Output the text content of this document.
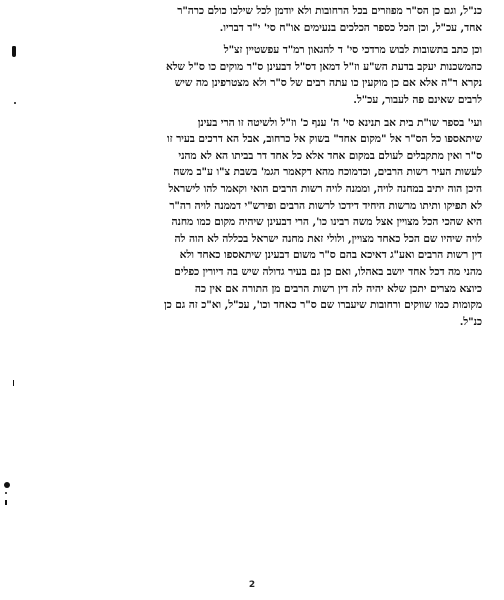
כנ"ל, וגם כן הס"ר מפוזרים בכל הרחובות ולא יודמן לכל שילכו כולם כרה"ר
אחד, עכ"ל, וכן הכל כספר הכלכים בנעימים או"ח סי' י"ד דבריו.
וכן כתב בתשובות לבוש מרדכי סי' ד להגאון רמ"ד עפשטיין זצ"ל
כהמשכנות יעקב בדעת הש"ע וז"ל דמאן דס"ל דבעינן ס"ר מוקים כו ס"ל שלא
נקרא ר"ה אלא אם כן מוקעין כו עתה רבים של ס"ר ולא מצטרפינן מה שיש
לרבים שאינם פה לעבור, עכ"ל.
ועי' בספר שו"ת בית אב תנינא סי' ה' ענף כ' וז"ל ולשיטה זו הרי בעינן
שיתאספו כל הס"ר אל "מקום אחד" בשוק אל כרחוב, אבל הא דרכים בעיר זו
ס"ר ואין מתקבלים לעולם במקום אחד אלא כל אחד דר בביתו הא לא מהני
לעשות העיר רשות הרבים, וכדמוכח מהא דקאמר הגמ' בשבת צ"ו ע"ב משה
היכן הוה יתיב במחנה לויה, וממנה לויה רשות הרבים הואי וקאמר להו לישראל
לא תפיקו ותיתו מרשות היחיד דידכו לרשות הרבים ופירש"י דממנה לויה רה"ר
היא שהכי הכל מצויין אצל משה רבינו כו', הרי דבעינן שיהיה מקום כמו מחנה
לויה שיהיו שם הכל כאחד מצויין, ולולי זאת מחנה ישראל בכללה לא הוה לה
דין רשות הרבים ואע"ג דאיכא בהם ס"ר משום דבעינן שיתאספו כאחד ולא
מהני מה דכל אחד יושב באהלו, ואם כן גם בעיר גדולה שיש בה דיורין כפלים
כיוצא מצרים יתכן שלא יהיה לה דין רשות הרבים מן התורה אם אין כה
מקומות כמו שווקים ורחובות שיעברו שם ס"ר כאחד וכו', עכ"ל, וא"כ זה גם כן
כנ"ל.
2
